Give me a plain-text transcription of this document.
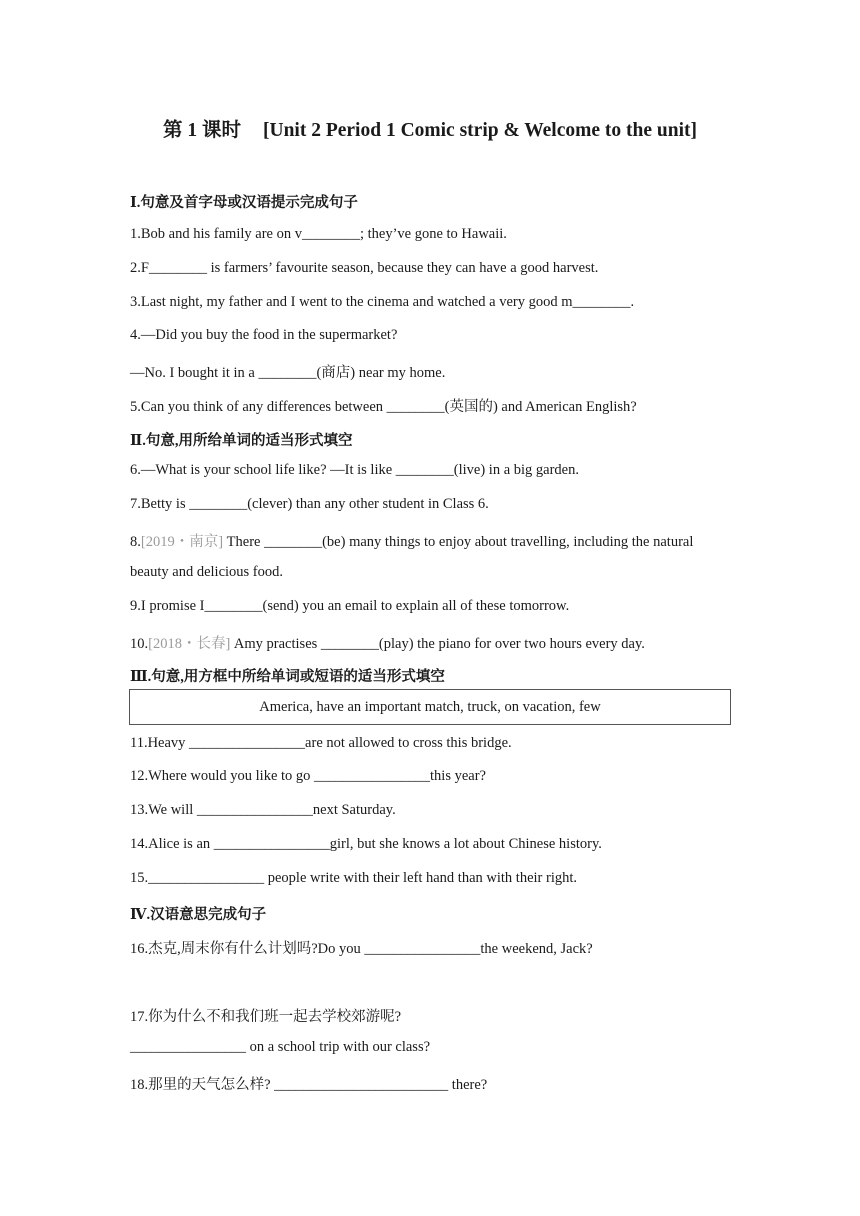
第 1 课时 [Unit 2 Period 1 Comic strip & Welcome to the unit]
Ⅰ.句意及首字母或汉语提示完成句子
1.Bob and his family are on v________; they’ve gone to Hawaii.
2.F________ is farmers’ favourite season, because they can have a good harvest.
3.Last night, my father and I went to the cinema and watched a very good m________.
4.—Did you buy the food in the supermarket?
—No. I bought it in a ________(商店) near my home.
5.Can you think of any differences between ________(英国的) and American English?
Ⅱ.句意,用所给单词的适当形式填空
6.—What is your school life like? —It is like ________(live) in a big garden.
7.Betty is ________(clever) than any other student in Class 6.
8.[2019・南京] There ________(be) many things to enjoy about travelling, including the natural
beauty and delicious food.
9.I promise I________(send) you an email to explain all of these tomorrow.
10.[2018・长春] Amy practises ________(play) the piano for over two hours every day.
Ⅲ.句意,用方框中所给单词或短语的适当形式填空
America, have an important match, truck, on vacation, few
11.Heavy ________________are not allowed to cross this bridge.
12.Where would you like to go ________________this year?
13.We will ________________next Saturday.
14.Alice is an ________________girl, but she knows a lot about Chinese history.
15.________________ people write with their left hand than with their right.
Ⅳ.汉语意思完成句子
16.杰克,周末你有什么计划吗?Do you ________________the weekend, Jack?
17.你为什么不和我们班一起去学校郊游呢?
________________ on a school trip with our class?
18.那里的天气怎么样? ________________________ there?
